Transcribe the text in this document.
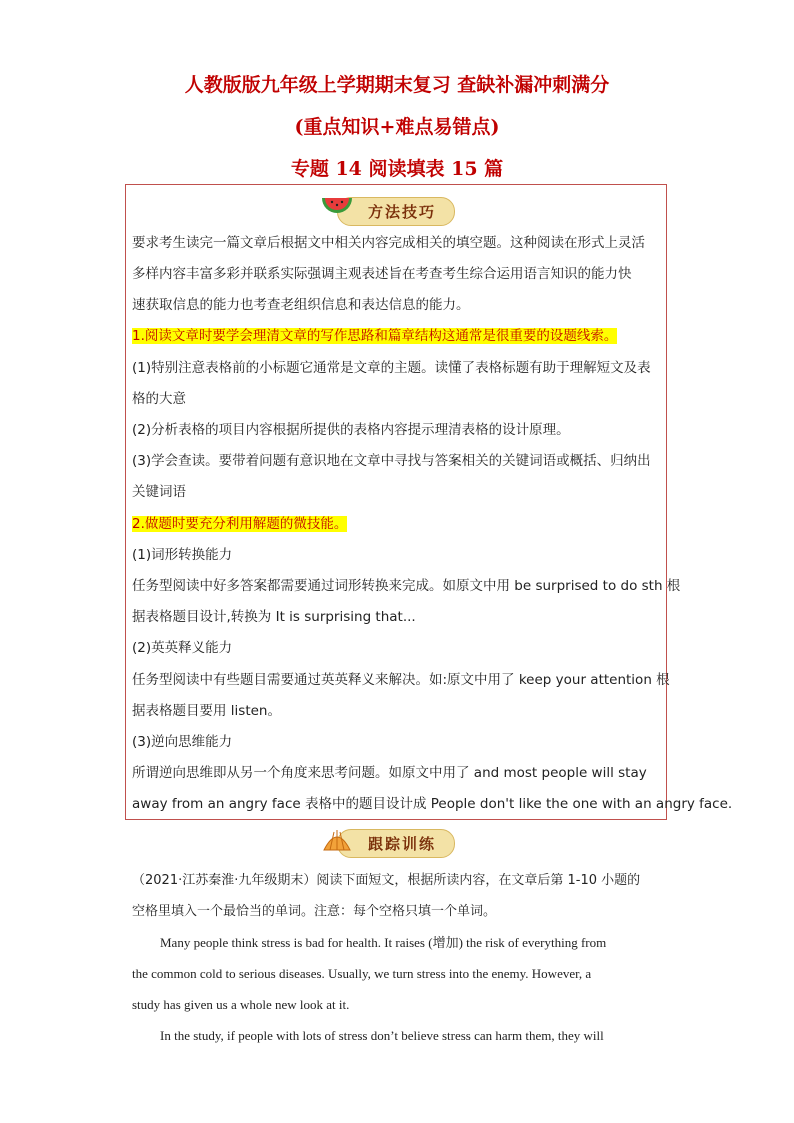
人教版版九年级上学期期末复习 查缺补漏冲刺满分
(重点知识+难点易错点)
专题 14 阅读填表 15 篇
方法技巧
要求考生读完一篇文章后根据文中相关内容完成相关的填空题。这种阅读在形式上灵活
多样内容丰富多彩并联系实际强调主观表述旨在考查考生综合运用语言知识的能力快
速获取信息的能力也考查老组织信息和表达信息的能力。
1.阅读文章时要学会理清文章的写作思路和篇章结构这通常是很重要的设题线索。
(1)特别注意表格前的小标题它通常是文章的主题。读懂了表格标题有助于理解短文及表
格的大意
(2)分析表格的项目内容根据所提供的表格内容提示理清表格的设计原理。
(3)学会查读。要带着问题有意识地在文章中寻找与答案相关的关键词语或概括、归纳出
关键词语
2.做题时要充分利用解题的微技能。
(1)词形转换能力
任务型阅读中好多答案都需要通过词形转换来完成。如原文中用 be surprised to do sth 根
据表格题目设计,转换为 It is surprising that...
(2)英英释义能力
任务型阅读中有些题目需要通过英英释义来解决。如:原文中用了 keep your attention 根
据表格题目要用 listen。
(3)逆向思维能力
所谓逆向思维即从另一个角度来思考问题。如原文中用了 and most people will stay
away from an angry face 表格中的题目设计成 People don't like the one with an angry face.
跟踪训练
（2021·江苏秦淮·九年级期末）阅读下面短文，根据所读内容，在文章后第 1-10 小题的
空格里填入一个最恰当的单词。注意：每个空格只填一个单词。
Many people think stress is bad for health. It raises (增加) the risk of everything from
the common cold to serious diseases. Usually, we turn stress into the enemy. However, a
study has given us a whole new look at it.
In the study, if people with lots of stress don’t believe stress can harm them, they will
